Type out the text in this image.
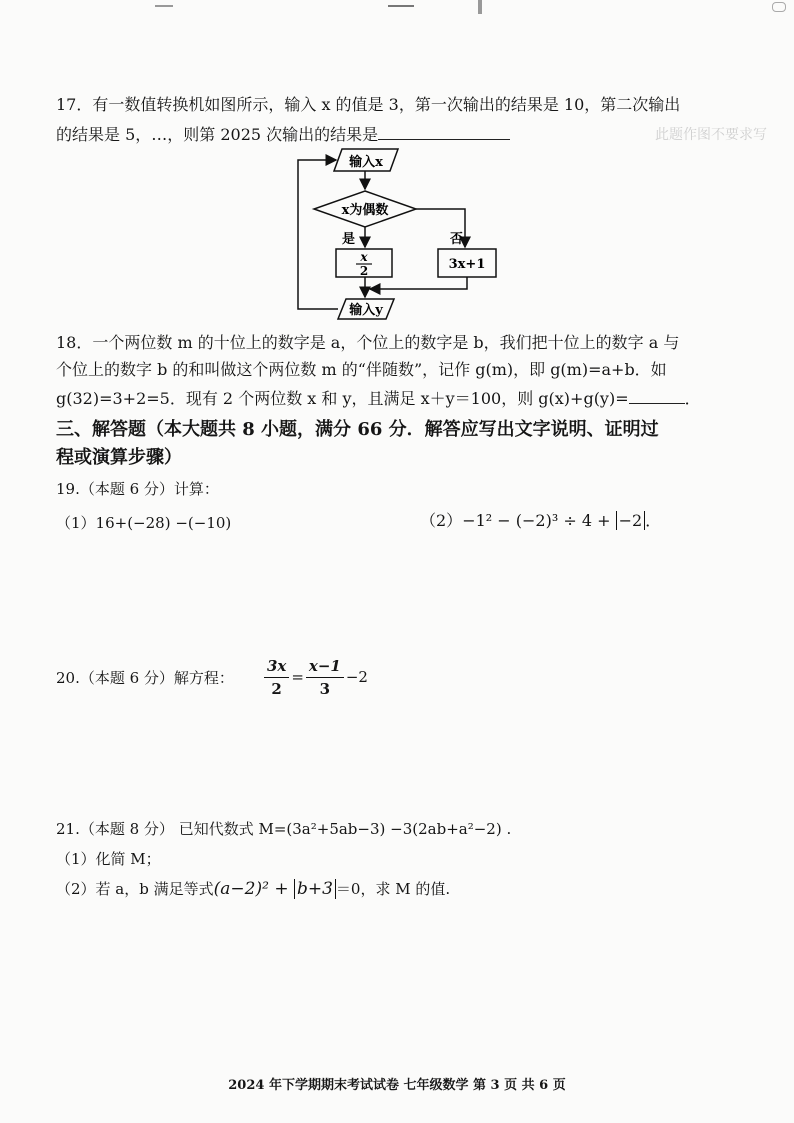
17．有一数值转换机如图所示，输入 x 的值是 3，第一次输出的结果是 10，第二次输出
的结果是 5，…，则第 2025 次输出的结果是	此题作图不要求写
输入x
x为偶数
是	否
x
2	3x+1
输入y
18．一个两位数 m 的十位上的数字是 a，个位上的数字是 b，我们把十位上的数字 a 与
个位上的数字 b 的和叫做这个两位数 m 的“伴随数”，记作 g(m)，即 g(m)=a+b．如
g(32)=3+2=5．现有 2 个两位数 x 和 y，且满足 x＋y＝100，则 g(x)+g(y)=	．
三、解答题（本大题共 8 小题，满分 66 分．解答应写出文字说明、证明过
程或演算步骤）
19.（本题 6 分）计算：
（1）16+(−28) −(−10)	（2）−1² − (−2)³ ÷ 4 + −2 ．
20.（本题 6 分）解方程： $\frac{3x}{2} = \frac{x-1}{3} -2$
21.（本题 8 分） 已知代数式 M=(3a²+5ab−3) −3(2ab+a²−2) .
（1）化简 M；
（2）若 a，b 满足等式(a−2)² + b+3 ＝0，求 M 的值.
2024 年下学期期末考试试卷 七年级数学 第 3 页 共 6 页
